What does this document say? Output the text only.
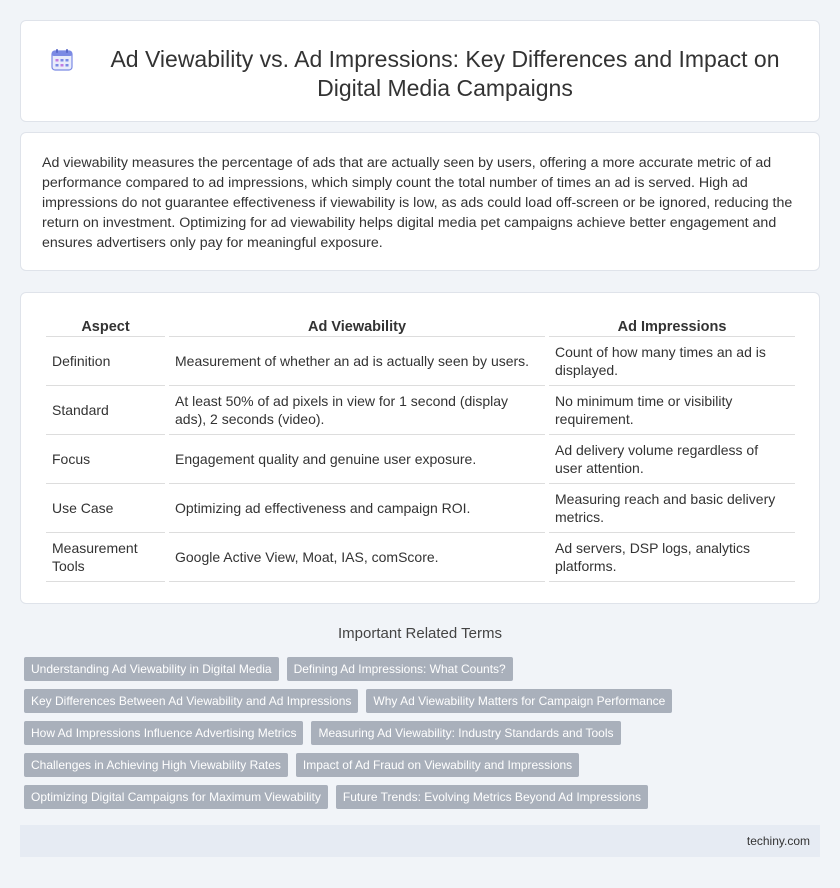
Ad Viewability vs. Ad Impressions: Key Differences and Impact on Digital Media Campaigns

Ad viewability measures the percentage of ads that are actually seen by users, offering a more accurate metric of ad performance compared to ad impressions, which simply count the total number of times an ad is served. High ad impressions do not guarantee effectiveness if viewability is low, as ads could load off-screen or be ignored, reducing the return on investment. Optimizing for ad viewability helps digital media pet campaigns achieve better engagement and ensures advertisers only pay for meaningful exposure.

Aspect	Ad Viewability	Ad Impressions
Definition	Measurement of whether an ad is actually seen by users.	Count of how many times an ad is displayed.
Standard	At least 50% of ad pixels in view for 1 second (display ads), 2 seconds (video).	No minimum time or visibility requirement.
Focus	Engagement quality and genuine user exposure.	Ad delivery volume regardless of user attention.
Use Case	Optimizing ad effectiveness and campaign ROI.	Measuring reach and basic delivery metrics.
Measurement Tools	Google Active View, Moat, IAS, comScore.	Ad servers, DSP logs, analytics platforms.
Important Related Terms
Understanding Ad Viewability in Digital Media	Defining Ad Impressions: What Counts?
Key Differences Between Ad Viewability and Ad Impressions	Why Ad Viewability Matters for Campaign Performance
How Ad Impressions Influence Advertising Metrics	Measuring Ad Viewability: Industry Standards and Tools
Challenges in Achieving High Viewability Rates	Impact of Ad Fraud on Viewability and Impressions
Optimizing Digital Campaigns for Maximum Viewability	Future Trends: Evolving Metrics Beyond Ad Impressions
techiny.com
